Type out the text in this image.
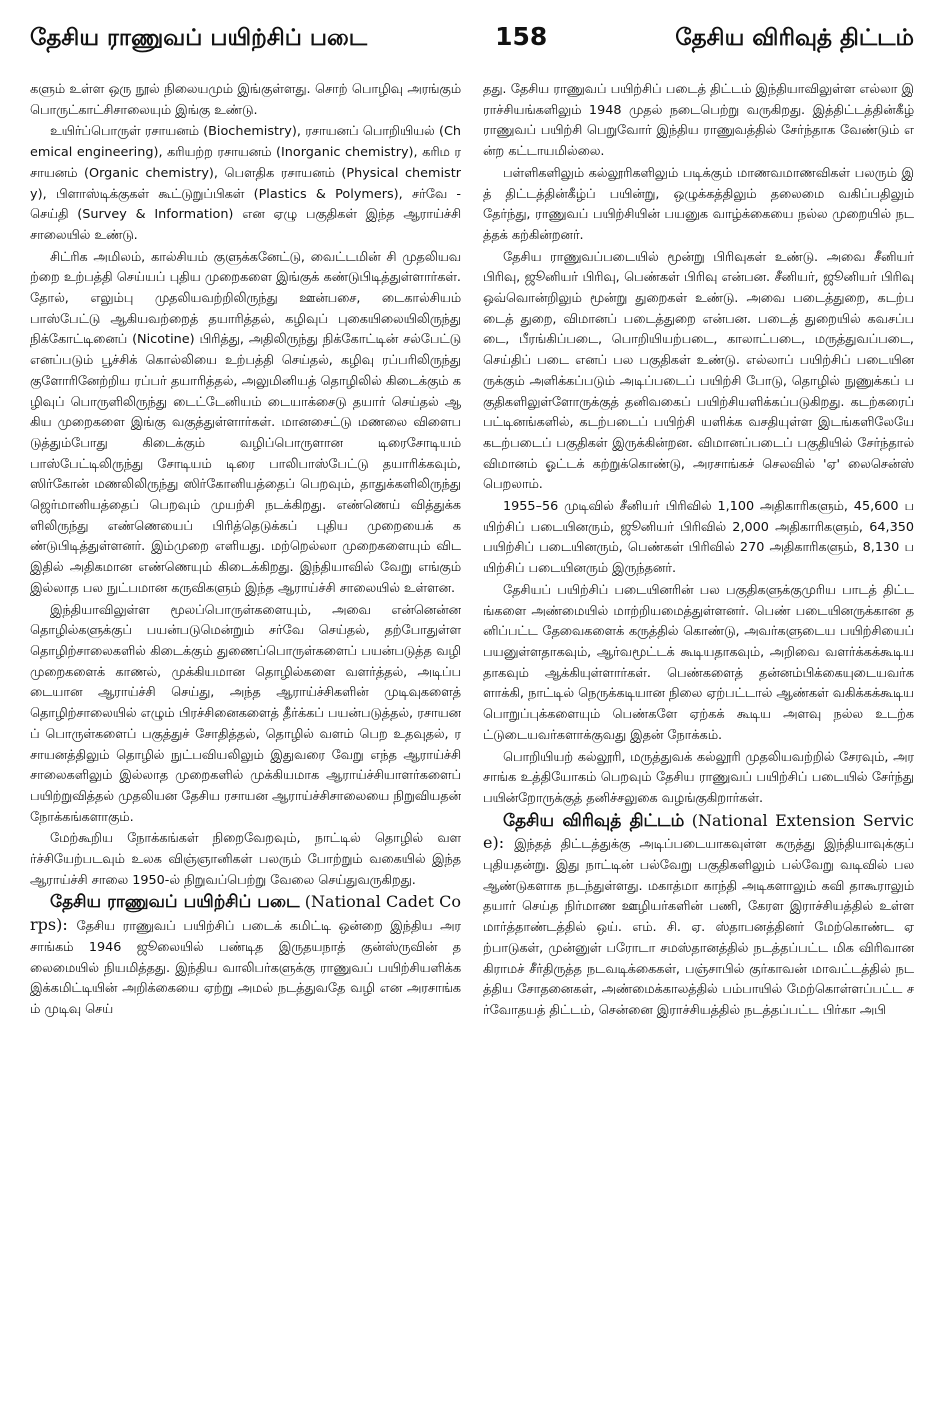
தேசிய ராணுவப் பயிற்சிப் படை	158	தேசிய விரிவுத் திட்டம்

களும் உள்ள ஒரு நூல் நிலையமும் இங்குள்ளது. சொற் பொழிவு அரங்கும் பொருட்காட்சிசாலையும் இங்கு உண்டு.

உயிர்ப்பொருள் ரசாயனம் (Biochemistry), ரசாயனப் பொறியியல் (Chemical engineering), கரியற்ற ரசாயனம் (Inorganic chemistry), கரிம ரசாயனம் (Organic chemistry), பௌதிக ரசாயனம் (Physical chemistry), பிளாஸ்டிக்குகள் கூட்டுறுப்பிகள் (Plastics & Polymers), சர்வே - செய்தி (Survey & Information) என ஏழு பகுதிகள் இந்த ஆராய்ச்சி சாலையில் உண்டு.

சிட்ரிக அமிலம், கால்சியம் குளுக்கனேட்டு, வைட்டமின் சி முதலியவற்றை உற்பத்தி செய்யப் புதிய முறைகளை இங்குக் கண்டுபிடித்துள்ளார்கள். தோல், எலும்பு முதலியவற்றிலிருந்து ஊன்பசை, டைகால்சியம் பாஸ்பேட்டு ஆகியவற்றைத் தயாரித்தல், கழிவுப் புகையிலையிலிருந்து நிக்கோட்டினைப் (Nicotine) பிரித்து, அதிலிருந்து நிக்கோட்டின் சல்பேட்டு எனப்படும் பூச்சிக் கொல்லியை உற்பத்தி செய்தல், கழிவு ரப்பரிலிருந்து குளோரினேற்றிய ரப்பர் தயாரித்தல், அலுமினியத் தொழிலில் கிடைக்கும் கழிவுப் பொருளிலிருந்து டைட்டேனியம் டையாக்சைடு தயார் செய்தல் ஆகிய முறைகளை இங்கு வகுத்துள்ளார்கள். மானசைட்டு மணலை விளைபடுத்தும்போது கிடைக்கும் வழிப்பொருளான டிரைசோடியம் பாஸ்பேட்டிலிருந்து சோடியம் டிரை பாலிபாஸ்பேட்டு தயாரிக்கவும், ஸிர்கோன் மணலிலிருந்து ஸிர்கோனியத்தைப் பெறவும், தாதுக்களிலிருந்து ஜெர்மானியத்தைப் பெறவும் முயற்சி நடக்கிறது. எண்ணெய் வித்துக்களிலிருந்து எண்ணெயைப் பிரித்தெடுக்கப் புதிய முறையைக் கண்டுபிடித்துள்ளனர். இம்முறை எளியது. மற்றெல்லா முறைகளையும் விட இதில் அதிகமான எண்ணெயும் கிடைக்கிறது. இந்தியாவில் வேறு எங்கும் இல்லாத பல நுட்பமான கருவிகளும் இந்த ஆராய்ச்சி சாலையில் உள்ளன.

இந்தியாவிலுள்ள மூலப்பொருள்களையும், அவை என்னென்ன தொழில்களுக்குப் பயன்படுமென்றும் சர்வே செய்தல், தற்போதுள்ள தொழிற்சாலைகளில் கிடைக்கும் துணைப்பொருள்களைப் பயன்படுத்த வழி முறைகளைக் காணல், முக்கியமான தொழில்களை வளர்த்தல், அடிப்படையான ஆராய்ச்சி செய்து, அந்த ஆராய்ச்சிகளின் முடிவுகளைத் தொழிற்சாலையில் எழும் பிரச்சினைகளைத் தீர்க்கப் பயன்படுத்தல், ரசாயனப் பொருள்களைப் பகுத்துச் சோதித்தல், தொழில் வளம் பெற உதவுதல், ரசாயனத்திலும் தொழில் நுட்பவியலிலும் இதுவரை வேறு எந்த ஆராய்ச்சி சாலைகளிலும் இல்லாத முறைகளில் முக்கியமாக ஆராய்ச்சியாளர்களைப் பயிற்றுவித்தல் முதலியன தேசிய ரசாயன ஆராய்ச்சிசாலையை நிறுவியதன் நோக்கங்களாகும்.

மேற்கூறிய நோக்கங்கள் நிறைவேறவும், நாட்டில் தொழில் வளர்ச்சியேற்படவும் உலக விஞ்ஞானிகள் பலரும் போற்றும் வகையில் இந்த ஆராய்ச்சி சாலை 1950-ல் நிறுவப்பெற்று வேலை செய்துவருகிறது.

தேசிய ராணுவப் பயிற்சிப் படை (National Cadet Corps): தேசிய ராணுவப் பயிற்சிப் படைக் கமிட்டி ஒன்றை இந்திய அரசாங்கம் 1946 ஜூலையில் பண்டித இருதயநாத் குன்ஸ்ருவின் தலைமையில் நியமித்தது. இந்திய வாலிபர்களுக்கு ராணுவப் பயிற்சியளிக்க இக்கமிட்டியின் அறிக்கையை ஏற்று அமல் நடத்துவதே வழி என அரசாங்கம் முடிவு செய்

தது. தேசிய ராணுவப் பயிற்சிப் படைத் திட்டம் இந்தியாவிலுள்ள எல்லா இராச்சியங்களிலும் 1948 முதல் நடைபெற்று வருகிறது. இத்திட்டத்தின்கீழ் ராணுவப் பயிற்சி பெறுவோர் இந்திய ராணுவத்தில் சேர்ந்தாக வேண்டும் என்ற கட்டாயமில்லை.

பள்ளிகளிலும் கல்லூரிகளிலும் படிக்கும் மாணவமாணவிகள் பலரும் இத் திட்டத்தின்கீழ்ப் பயின்று, ஒழுக்கத்திலும் தலைமை வகிப்பதிலும் தேர்ந்து, ராணுவப் பயிற்சியின் பயனுக வாழ்க்கையை நல்ல முறையில் நடத்தக் கற்கின்றனர்.

தேசிய ராணுவப்படையில் மூன்று பிரிவுகள் உண்டு. அவை சீனியர் பிரிவு, ஜூனியர் பிரிவு, பெண்கள் பிரிவு என்பன. சீனியர், ஜூனியர் பிரிவு ஒவ்வொன்றிலும் மூன்று துறைகள் உண்டு. அவை படைத்துறை, கடற்படைத் துறை, விமானப் படைத்துறை என்பன. படைத் துறையில் கவசப்படை, பீரங்கிப்படை, பொறியியற்படை, காலாட்படை, மருத்துவப்படை, செய்திப் படை எனப் பல பகுதிகள் உண்டு. எல்லாப் பயிற்சிப் படையினருக்கும் அளிக்கப்படும் அடிப்படைப் பயிற்சி போடு, தொழில் நுணுக்கப் பகுதிகளிலுள்ளோருக்குத் தனிவகைப் பயிற்சியளிக்கப்படுகிறது. கடற்கரைப் பட்டினங்களில், கடற்படைப் பயிற்சி யளிக்க வசதியுள்ள இடங்களிலேயே கடற்படைப் பகுதிகள் இருக்கின்றன. விமானப்படைப் பகுதியில் சேர்ந்தால் விமானம் ஓட்டக் கற்றுக்கொண்டு, அரசாங்கச் செலவில் 'ஏ' லைசென்ஸ் பெறலாம்.

1955–56 முடிவில் சீனியர் பிரிவில் 1,100 அதிகாரிகளும், 45,600 பயிற்சிப் படையினரும், ஜூனியர் பிரிவில் 2,000 அதிகாரிகளும், 64,350 பயிற்சிப் படையினரும், பெண்கள் பிரிவில் 270 அதிகாரிகளும், 8,130 பயிற்சிப் படையினரும் இருந்தனர்.

தேசியப் பயிற்சிப் படையினரின் பல பகுதிகளுக்குமுரிய பாடத் திட்டங்களை அண்மையில் மாற்றியமைத்துள்ளனர். பெண் படையினருக்கான தனிப்பட்ட தேவைகளைக் கருத்தில் கொண்டு, அவர்களுடைய பயிற்சியைப் பயனுள்ளதாகவும், ஆர்வமூட்டக் கூடியதாகவும், அறிவை வளர்க்கக்கூடியதாகவும் ஆக்கியுள்ளார்கள். பெண்களைத் தன்னம்பிக்கையுடையவர்களாக்கி, நாட்டில் நெருக்கடியான நிலை ஏற்பட்டால் ஆண்கள் வகிக்கக்கூடிய பொறுப்புக்களையும் பெண்களே ஏற்கக் கூடிய அளவு நல்ல உடற்கட்டுடையவர்களாக்குவது இதன் நோக்கம்.

பொறியியற் கல்லூரி, மருத்துவக் கல்லூரி முதலியவற்றில் சேரவும், அரசாங்க உத்தியோகம் பெறவும் தேசிய ராணுவப் பயிற்சிப் படையில் சேர்ந்து பயின்றோருக்குத் தனிச்சலுகை வழங்குகிறார்கள்.

தேசிய விரிவுத் திட்டம் (National Extension Service): இந்தத் திட்டத்துக்கு அடிப்படையாகவுள்ள கருத்து இந்தியாவுக்குப் புதியதன்று. இது நாட்டின் பல்வேறு பகுதிகளிலும் பல்வேறு வடிவில் பல ஆண்டுகளாக நடந்துள்ளது. மகாத்மா காந்தி அடிகளாலும் கவி தாகூராலும் தயார் செய்த நிர்மாண ஊழியர்களின் பணி, கேரள இராச்சியத்தில் உள்ள மார்த்தாண்டத்தில் ஒய். எம். சி. ஏ. ஸ்தாபனத்தினர் மேற்கொண்ட ஏற்பாடுகள், முன்னுள் பரோடா சமஸ்தானத்தில் நடத்தப்பட்ட மிக விரிவான கிராமச் சீர்திருத்த நடவடிக்கைகள், பஞ்சாபில் குர்காவன் மாவட்டத்தில் நடத்திய சோதனைகள், அண்மைக்காலத்தில் பம்பாயில் மேற்கொள்ளப்பட்ட சர்வோதயத் திட்டம், சென்னை இராச்சியத்தில் நடத்தப்பட்ட பிர்கா அபி
